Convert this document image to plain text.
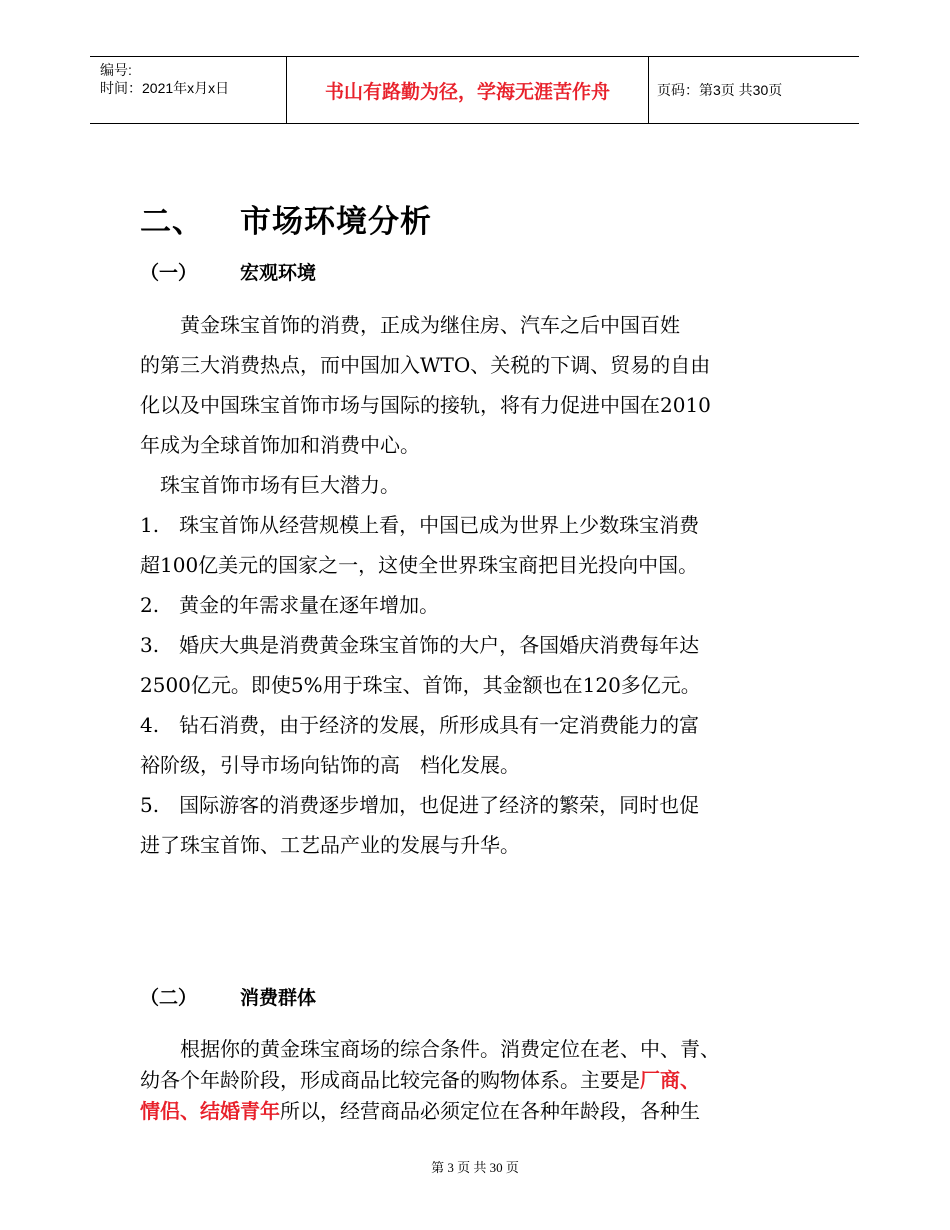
编号:
时间：2021年x月x日	书山有路勤为径，学海无涯苦作舟	页码：第3页 共30页
二、 市场环境分析
（一） 宏观环境
　　黄金珠宝首饰的消费，正成为继住房、汽车之后中国百姓
的第三大消费热点，而中国加入WTO、关税的下调、贸易的自由
化以及中国珠宝首饰市场与国际的接轨，将有力促进中国在2010
年成为全球首饰加和消费中心。
　珠宝首饰市场有巨大潜力。
1.　珠宝首饰从经营规模上看，中国已成为世界上少数珠宝消费
超100亿美元的国家之一，这使全世界珠宝商把目光投向中国。
2.　黄金的年需求量在逐年增加。
3.　婚庆大典是消费黄金珠宝首饰的大户，各国婚庆消费每年达
2500亿元。即使5%用于珠宝、首饰，其金额也在120多亿元。
4.　钻石消费，由于经济的发展，所形成具有一定消费能力的富
裕阶级，引导市场向钻饰的高　档化发展。
5.　国际游客的消费逐步增加，也促进了经济的繁荣，同时也促
进了珠宝首饰、工艺品产业的发展与升华。
（二） 消费群体
　　根据你的黄金珠宝商场的综合条件。消费定位在老、中、青、
幼各个年龄阶段，形成商品比较完备的购物体系。主要是厂商、
情侣、结婚青年所以，经营商品必须定位在各种年龄段，各种生
第 3 页 共 30 页
